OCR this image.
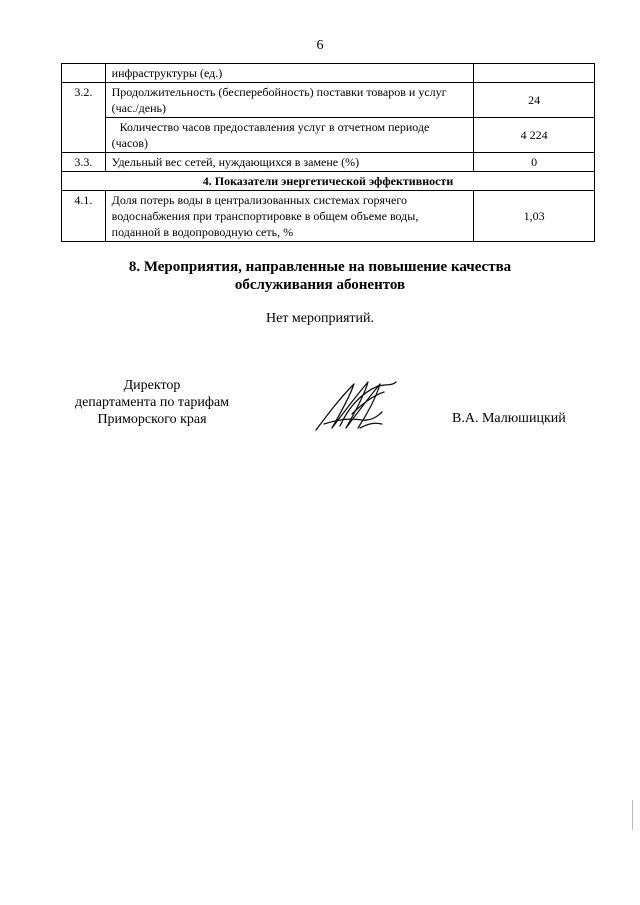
6
	инфраструктуры (ед.)	
3.2.	Продолжительность (бесперебойность) поставки товаров и услуг (час./день)	24
	Количество часов предоставления услуг в отчетном периоде (часов)	4 224
3.3.	Удельный вес сетей, нуждающихся в замене (%)	0
4. Показатели энергетической эффективности		
4.1.	Доля потерь воды в централизованных системах горячего водоснабжения при транспортировке в общем объеме воды, поданной в водопроводную сеть, %	1,03
8. Мероприятия, направленные на повышение качества
обслуживания абонентов
Нет мероприятий.
Директор
департамента по тарифам
Приморского края	В.А. Малюшицкий
